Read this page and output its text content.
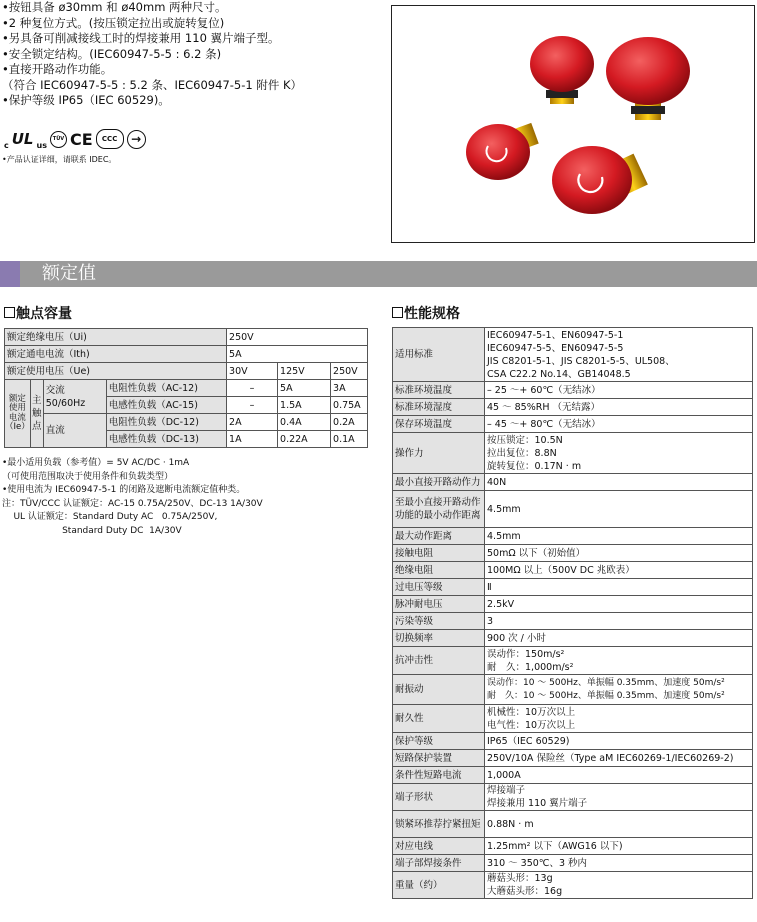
•按钮具备 ø30mm 和 ø40mm 两种尺寸。
•2 种复位方式。(按压锁定拉出或旋转复位)
•另具备可削减接线工时的焊接兼用 110 翼片端子型。
•安全锁定结构。(IEC60947-5-5 : 6.2 条)
•直接开路动作功能。
（符合 IEC60947-5-5 : 5.2 条、IEC60947-5-1 附件 K）
•保护等级 IP65（IEC 60529)。
c UL us
TÜV CE	CCC	→
•产品认证详细，请联系 IDEC。
额定值
触点容量
额定绝缘电压（Ui)				250V		
额定通电电流（Ith)				5A		
额定使用电压（Ue)				30V	125V	250V
额定使用电流（Ie）	主触点	交流 50/60Hz	电阻性负载（AC-12)	–	5A	3A
			电感性负载（AC-15)	–	1.5A	0.75A
		直流	电阻性负载（DC-12)	2A	0.4A	0.2A
			电感性负载（DC-13)	1A	0.22A	0.1A
•最小适用负载（参考值）= 5V AC/DC · 1mA
（可使用范围取决于使用条件和负载类型）
•使用电流为 IEC60947-5-1 的闭路及遮断电流额定值种类。
注：TÜV/CCC 认证额定：AC-15 0.75A/250V、DC-13 1A/30V
UL 认证额定：Standard Duty AC   0.75A/250V,
Standard Duty DC  1A/30V
性能规格
适用标准	IEC60947-5-1、EN60947-5-1
IEC60947-5-5、EN60947-5-5
JIS C8201-5-1、JIS C8201-5-5、UL508、
CSA C22.2 No.14、GB14048.5

标准环境温度	– 25 ～+ 60℃（无结冰）

标准环境湿度	45 ～ 85%RH （无结露）

保存环境温度	– 45 ～+ 80℃（无结冰）

操作力	按压锁定：10.5N
拉出复位：8.8N
旋转复位：0.17N · m

最小直接开路动作力	40N

至最小直接开路动作功能的最小动作距离	4.5mm

最大动作距离	4.5mm

接触电阻	50mΩ 以下（初始值）

绝缘电阻	100MΩ 以上（500V DC 兆欧表）

过电压等级	Ⅱ

脉冲耐电压	2.5kV

污染等级	3

切换频率	900 次 / 小时

抗冲击性	误动作：150m/s²
耐　久：1,000m/s²

耐振动	误动作：10 ～ 500Hz、单振幅 0.35mm、加速度 50m/s²
耐　久：10 ～ 500Hz、单振幅 0.35mm、加速度 50m/s²

耐久性	机械性：10万次以上
电气性：10万次以上

保护等级	IP65（IEC 60529)

短路保护装置	250V/10A 保险丝（Type aM IEC60269-1/IEC60269-2)

条件性短路电流	1,000A

端子形状	焊接端子
焊接兼用 110 翼片端子

锁紧环推荐拧紧扭矩	0.88N · m

对应电线	1.25mm² 以下（AWG16 以下)

端子部焊接条件	310 ～ 350℃、3 秒内

重量（约）	蘑菇头形：13g
大蘑菇头形：16g
